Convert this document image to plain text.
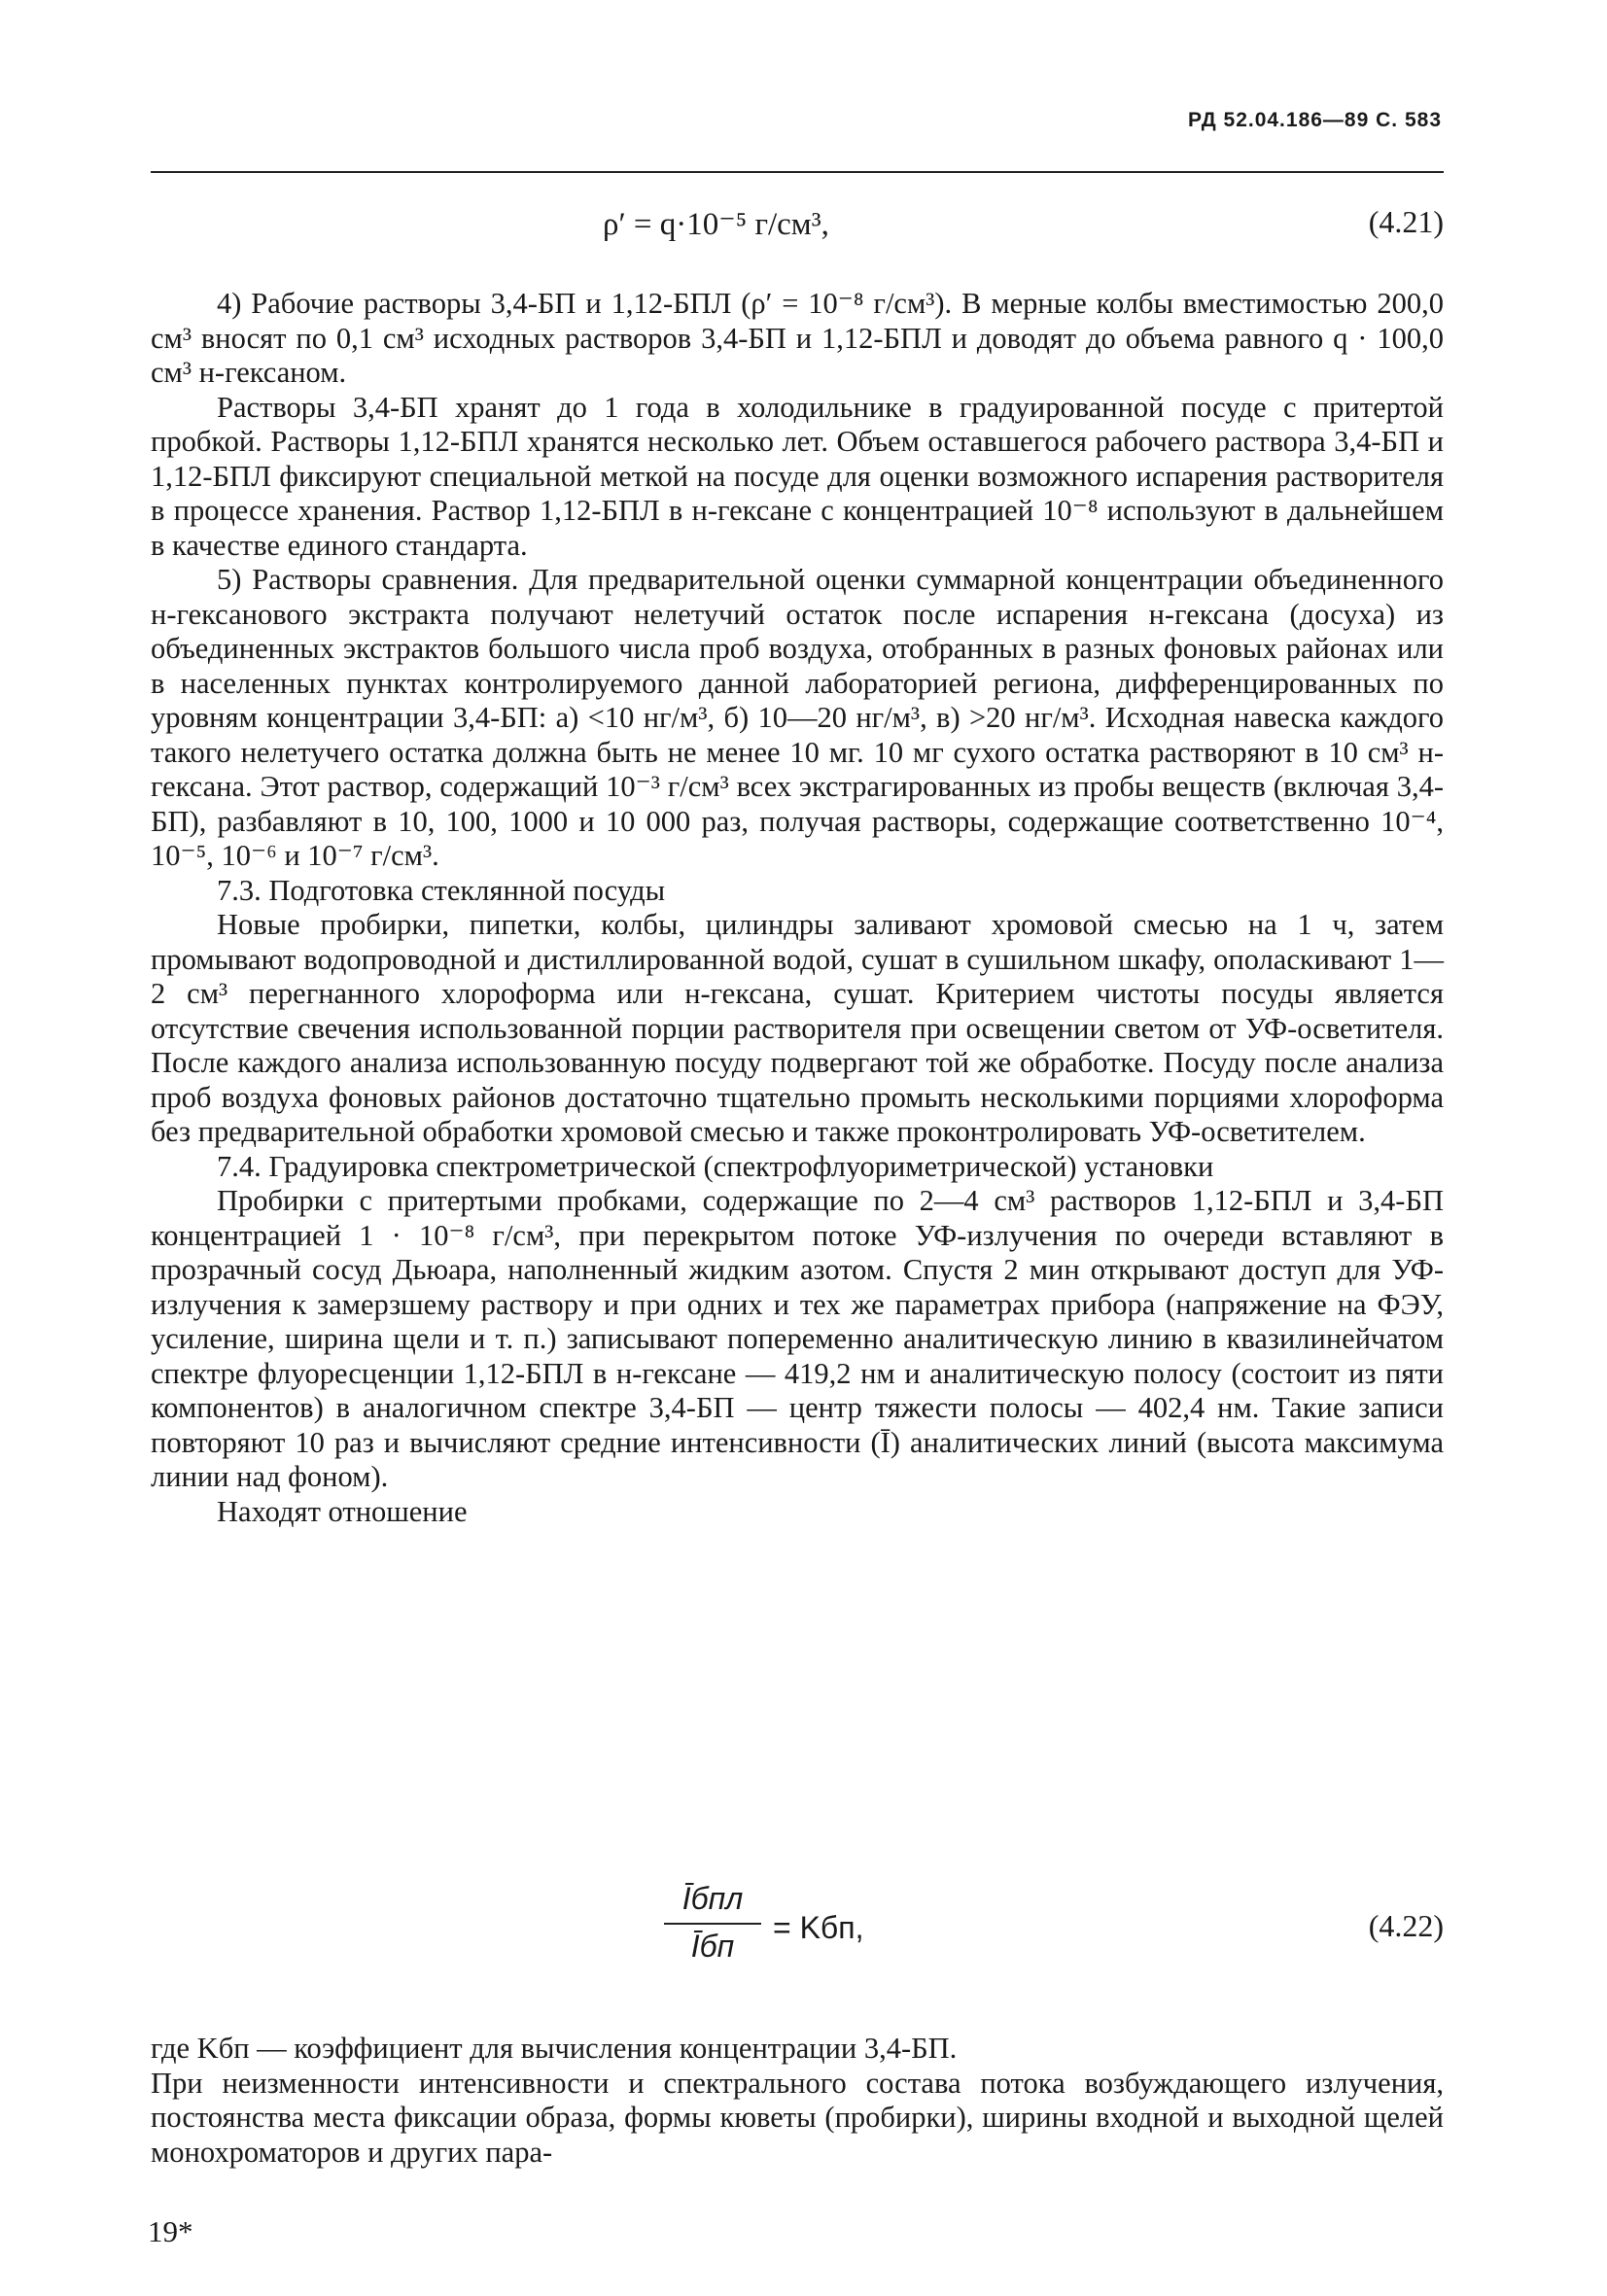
РД 52.04.186—89 С. 583
ρ′ = q·10⁻⁵ г/см³,	(4.21)

4) Рабочие растворы 3,4-БП и 1,12-БПЛ (ρ′ = 10⁻⁸ г/см³). В мерные колбы вместимостью 200,0 см³ вносят по 0,1 см³ исходных растворов 3,4-БП и 1,12-БПЛ и доводят до объема равного q · 100,0 см³ н-гексаном.

Растворы 3,4-БП хранят до 1 года в холодильнике в градуированной посуде с притертой пробкой. Растворы 1,12-БПЛ хранятся несколько лет. Объем оставшегося рабочего раствора 3,4-БП и 1,12-БПЛ фиксируют специальной меткой на посуде для оценки возможного испарения растворителя в процессе хранения. Раствор 1,12-БПЛ в н-гексане с концентрацией 10⁻⁸ используют в дальнейшем в качестве единого стандарта.

5) Растворы сравнения. Для предварительной оценки суммарной концентрации объединенного н-гексанового экстракта получают нелетучий остаток после испарения н-гексана (досуха) из объединенных экстрактов большого числа проб воздуха, отобранных в разных фоновых районах или в населенных пунктах контролируемого данной лабораторией региона, дифференцированных по уровням концентрации 3,4-БП: а) <10 нг/м³, б) 10—20 нг/м³, в) >20 нг/м³. Исходная навеска каждого такого нелетучего остатка должна быть не менее 10 мг. 10 мг сухого остатка растворяют в 10 см³ н-гексана. Этот раствор, содержащий 10⁻³ г/см³ всех экстрагированных из пробы веществ (включая 3,4-БП), разбавляют в 10, 100, 1000 и 10 000 раз, получая растворы, содержащие соответственно 10⁻⁴, 10⁻⁵, 10⁻⁶ и 10⁻⁷ г/см³.

7.3. Подготовка стеклянной посуды

Новые пробирки, пипетки, колбы, цилиндры заливают хромовой смесью на 1 ч, затем промывают водопроводной и дистиллированной водой, сушат в сушильном шкафу, ополаскивают 1—2 см³ перегнанного хлороформа или н-гексана, сушат. Критерием чистоты посуды является отсутствие свечения использованной порции растворителя при освещении светом от УФ-осветителя. После каждого анализа использованную посуду подвергают той же обработке. Посуду после анализа проб воздуха фоновых районов достаточно тщательно промыть несколькими порциями хлороформа без предварительной обработки хромовой смесью и также проконтролировать УФ-осветителем.

7.4. Градуировка спектрометрической (спектрофлуориметрической) установки

Пробирки с притертыми пробками, содержащие по 2—4 см³ растворов 1,12-БПЛ и 3,4-БП концентрацией 1 · 10⁻⁸ г/см³, при перекрытом потоке УФ-излучения по очереди вставляют в прозрачный сосуд Дьюара, наполненный жидким азотом. Спустя 2 мин открывают доступ для УФ-излучения к замерзшему раствору и при одних и тех же параметрах прибора (напряжение на ФЭУ, усиление, ширина щели и т. п.) записывают попеременно аналитическую линию в квазилинейчатом спектре флуоресценции 1,12-БПЛ в н-гексане — 419,2 нм и аналитическую полосу (состоит из пяти компонентов) в аналогичном спектре 3,4-БП — центр тяжести полосы — 402,4 нм. Такие записи повторяют 10 раз и вычисляют средние интенсивности (Ī) аналитических линий (высота максимума линии над фоном).

Находят отношение

Īбпл
Īбп
= Kбп,	(4.22)

где Kбп — коэффициент для вычисления концентрации 3,4-БП.

При неизменности интенсивности и спектрального состава потока возбуждающего излучения, постоянства места фиксации образа, формы кюветы (пробирки), ширины входной и выходной щелей монохроматоров и других пара-

19*
